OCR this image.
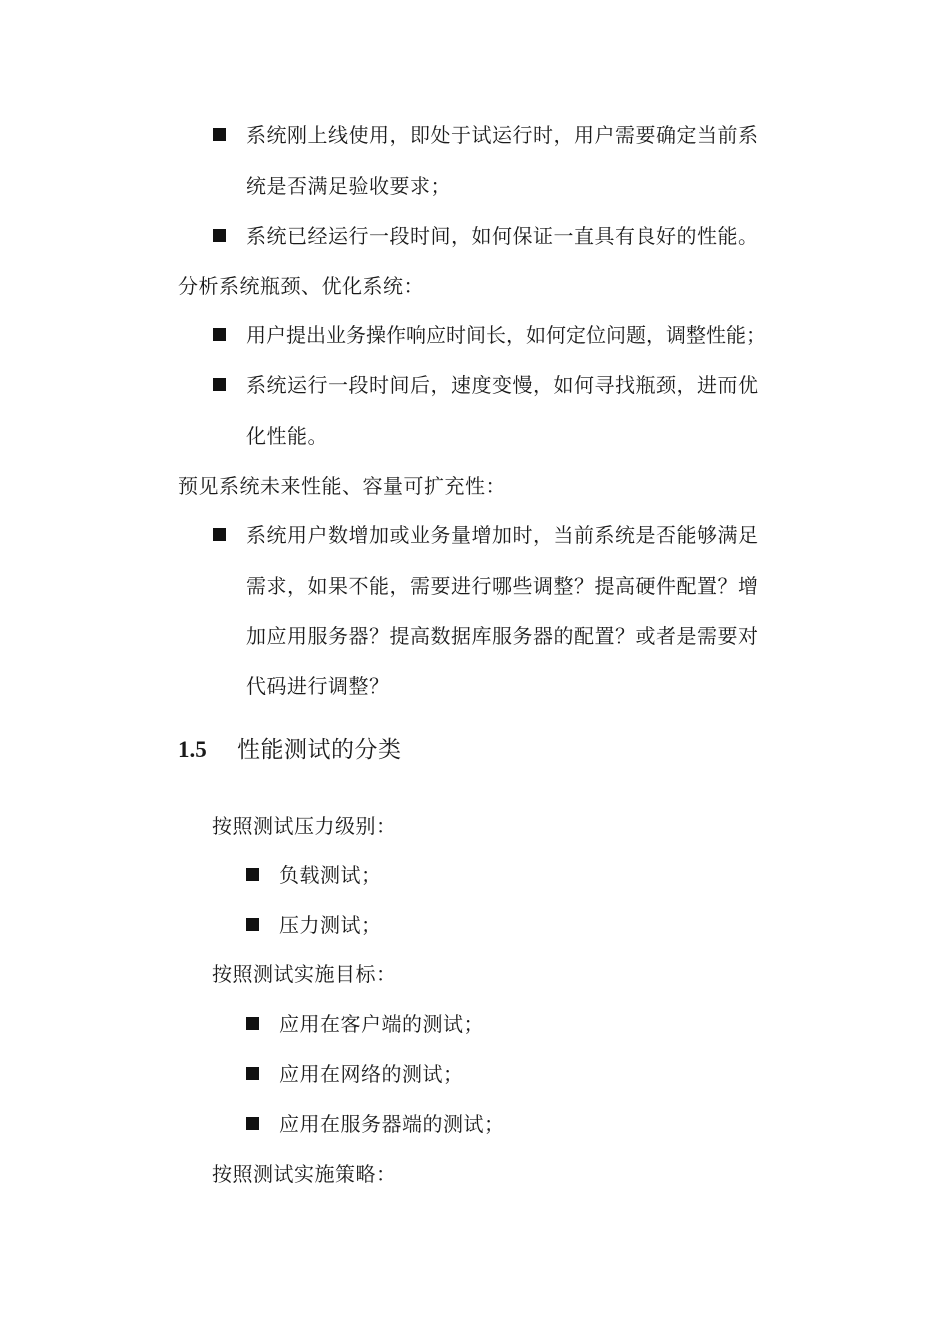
系统刚上线使用，即处于试运行时，用户需要确定当前系
统是否满足验收要求；
系统已经运行一段时间，如何保证一直具有良好的性能。
分析系统瓶颈、优化系统：
用户提出业务操作响应时间长，如何定位问题，调整性能；
系统运行一段时间后，速度变慢，如何寻找瓶颈，进而优
化性能。
预见系统未来性能、容量可扩充性：
系统用户数增加或业务量增加时，当前系统是否能够满足
需求，如果不能，需要进行哪些调整？提高硬件配置？增
加应用服务器？提高数据库服务器的配置？或者是需要对
代码进行调整？
1.5 性能测试的分类
按照测试压力级别：
负载测试；
压力测试；
按照测试实施目标：
应用在客户端的测试；
应用在网络的测试；
应用在服务器端的测试；
按照测试实施策略：
